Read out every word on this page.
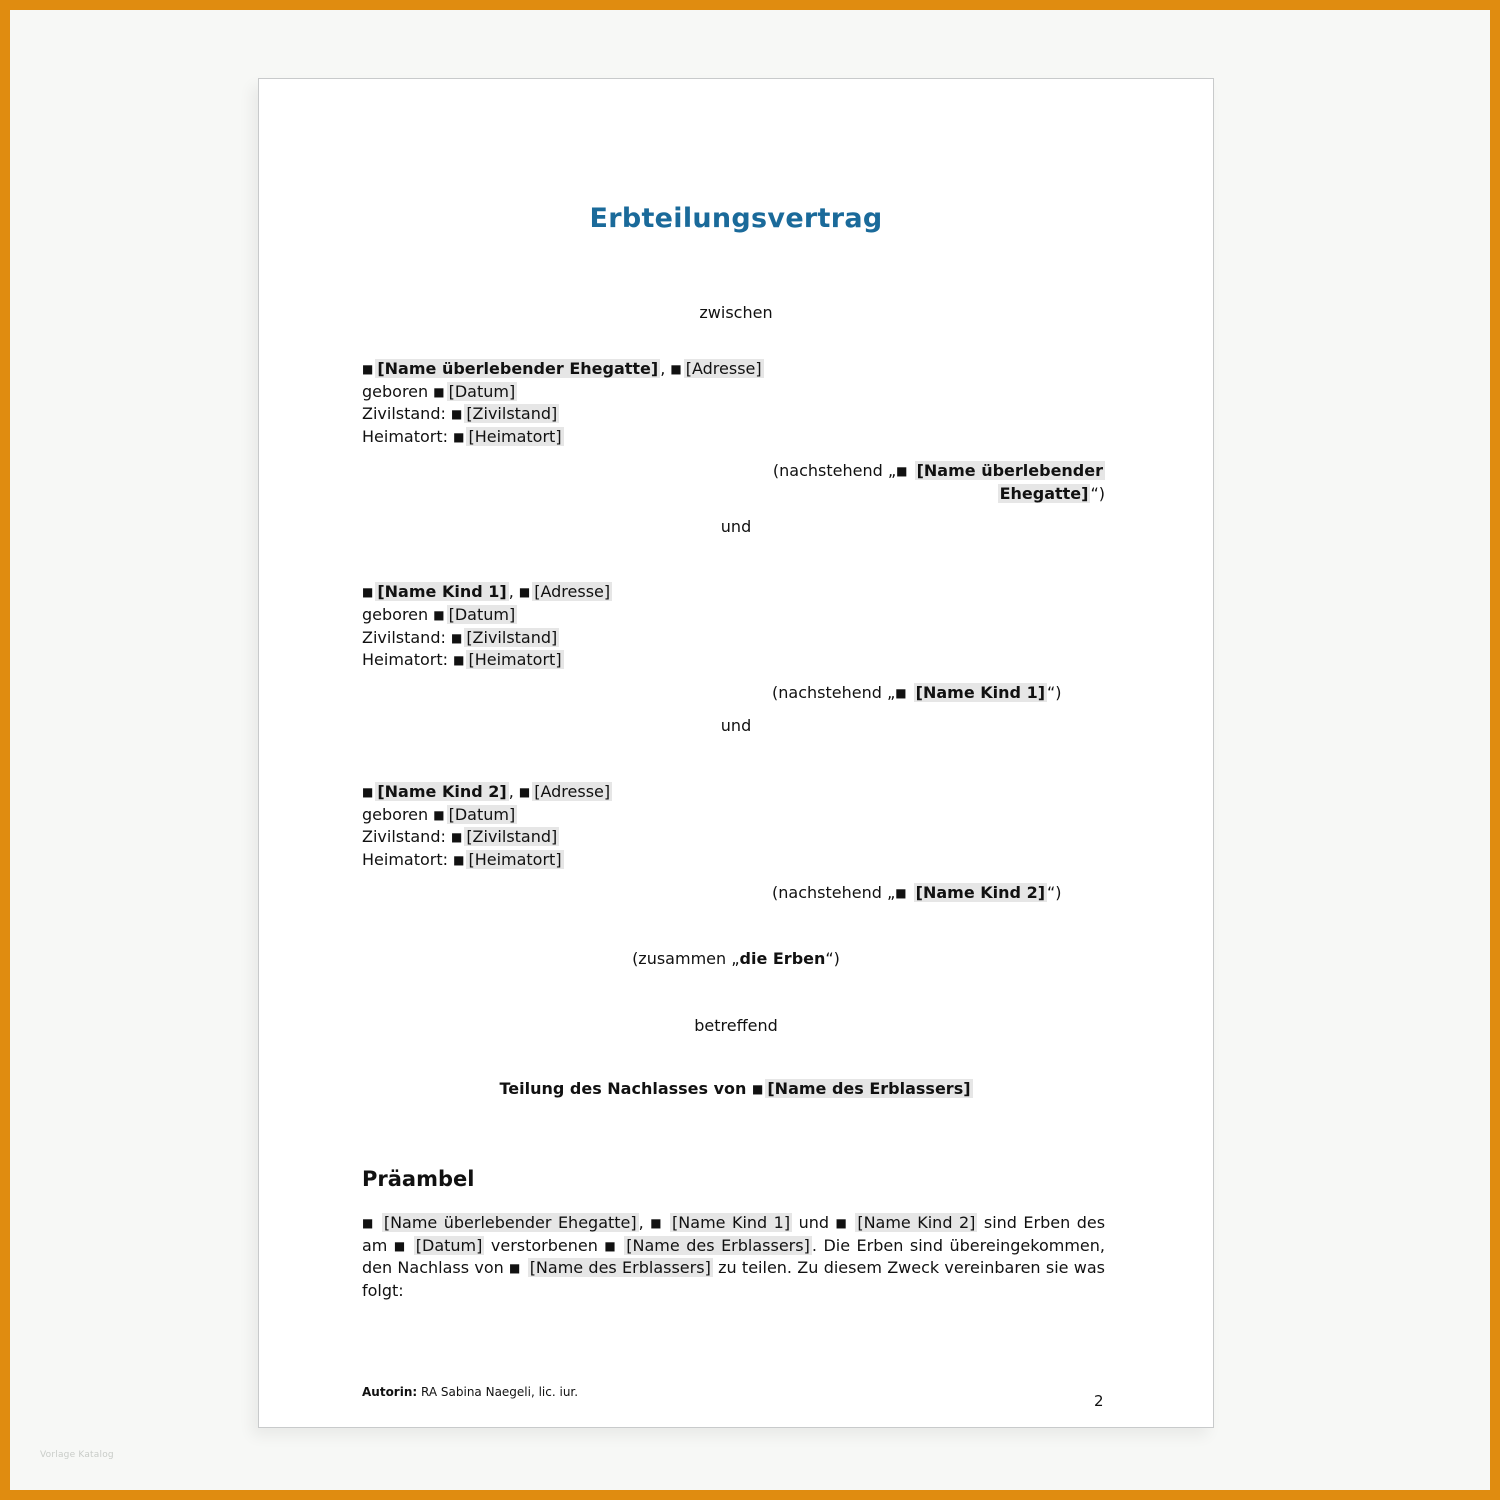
Vorlage Katalog
Erbteilungsvertrag
zwischen
■ [Name überlebender Ehegatte] , ■ [Adresse]
geboren ■ [Datum]
Zivilstand: ■ [Zivilstand]
Heimatort: ■ [Heimatort]
(nachstehend „■ [Name überlebender
Ehegatte] “)
und
■ [Name Kind 1] , ■ [Adresse]
geboren ■ [Datum]
Zivilstand: ■ [Zivilstand]
Heimatort: ■ [Heimatort]
(nachstehend „■ [Name Kind 1] “)
und
■ [Name Kind 2] , ■ [Adresse]
geboren ■ [Datum]
Zivilstand: ■ [Zivilstand]
Heimatort: ■ [Heimatort]
(nachstehend „■ [Name Kind 2] “)
(zusammen „die Erben“)
betreffend
Teilung des Nachlasses von ■ [Name des Erblassers]
Präambel

■ [Name überlebender Ehegatte] , ■ [Name Kind 1] und ■ [Name Kind 2] sind Erben des am ■ [Datum] verstorbenen ■ [Name des Erblassers] . Die Erben sind übereingekommen, den Nachlass von ■ [Name des Erblassers] zu teilen. Zu diesem Zweck vereinbaren sie was folgt:

Autorin: RA Sabina Naegeli, lic. iur.	2
